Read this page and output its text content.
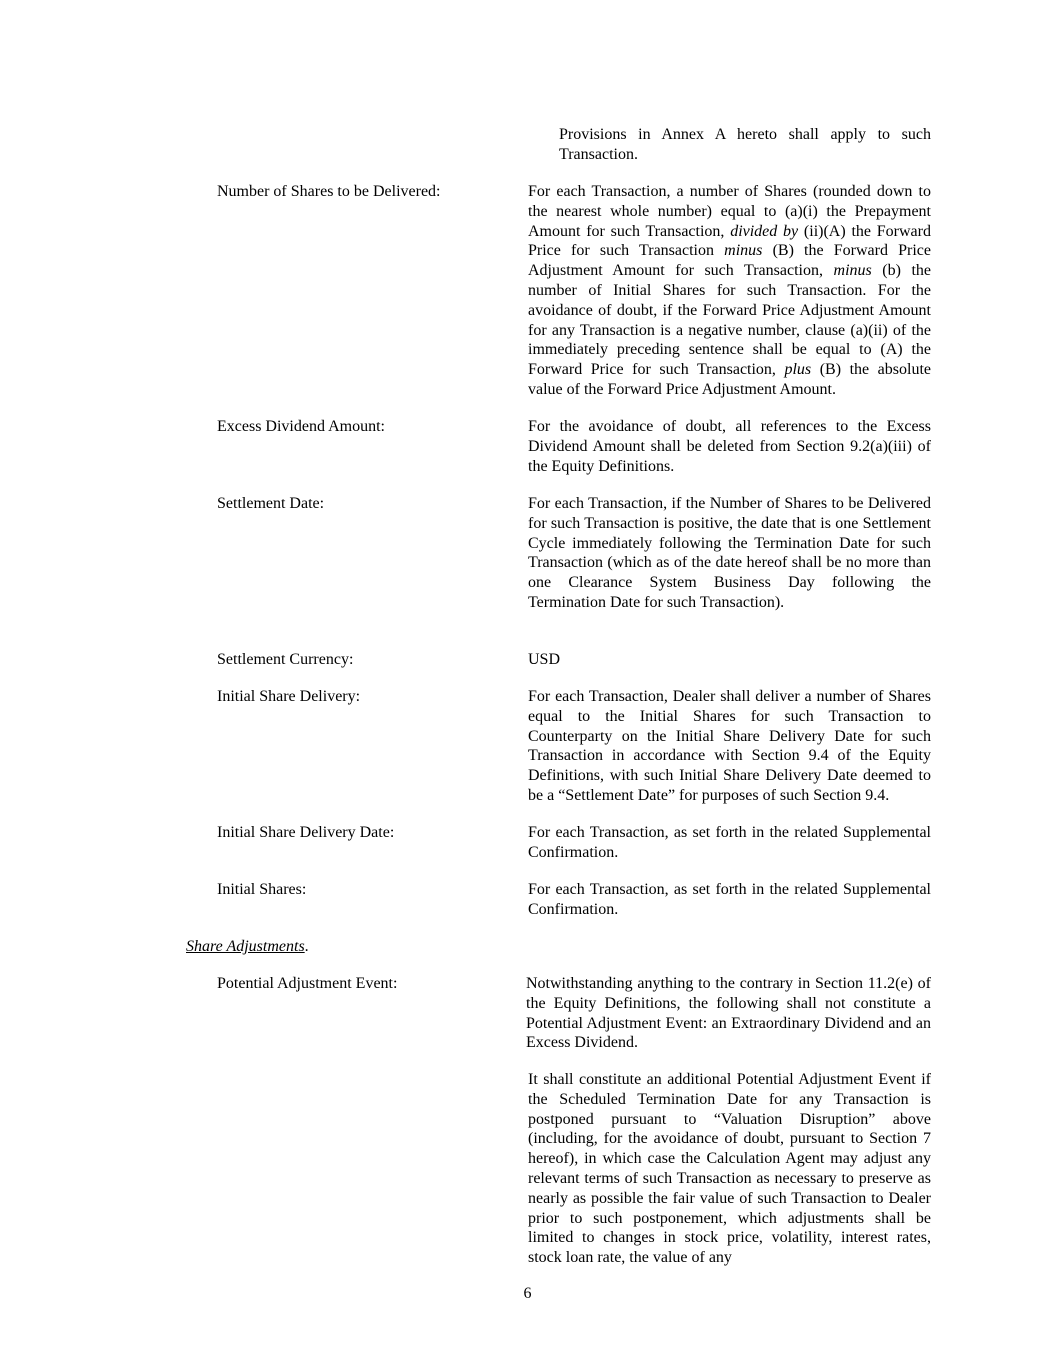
Provisions in Annex A hereto shall apply to such Transaction.
Number of Shares to be Delivered:	For each Transaction, a number of Shares (rounded down to the nearest whole number) equal to (a)(i) the Prepayment Amount for such Transaction, divided by (ii)(A) the Forward Price for such Transaction minus (B) the Forward Price Adjustment Amount for such Transaction, minus (b) the number of Initial Shares for such Transaction. For the avoidance of doubt, if the Forward Price Adjustment Amount for any Transaction is a negative number, clause (a)(ii) of the immediately preceding sentence shall be equal to (A) the Forward Price for such Transaction, plus (B) the absolute value of the Forward Price Adjustment Amount.

Excess Dividend Amount:	For the avoidance of doubt, all references to the Excess Dividend Amount shall be deleted from Section 9.2(a)(iii) of the Equity Definitions.

Settlement Date:	For each Transaction, if the Number of Shares to be Delivered for such Transaction is positive, the date that is one Settlement Cycle immediately following the Termination Date for such Transaction (which as of the date hereof shall be no more than one Clearance System Business Day following the Termination Date for such Transaction).

Settlement Currency:	USD

Initial Share Delivery:	For each Transaction, Dealer shall deliver a number of Shares equal to the Initial Shares for such Transaction to Counterparty on the Initial Share Delivery Date for such Transaction in accordance with Section 9.4 of the Equity Definitions, with such Initial Share Delivery Date deemed to be a “Settlement Date” for purposes of such Section 9.4.

Initial Share Delivery Date:	For each Transaction, as set forth in the related Supplemental Confirmation.

Initial Shares:	For each Transaction, as set forth in the related Supplemental Confirmation.

Share Adjustments.
Potential Adjustment Event:	Notwithstanding anything to the contrary in Section 11.2(e) of the Equity Definitions, the following shall not constitute a Potential Adjustment Event: an Extraordinary Dividend and an Excess Dividend.

It shall constitute an additional Potential Adjustment Event if the Scheduled Termination Date for any Transaction is postponed pursuant to “Valuation Disruption” above (including, for the avoidance of doubt, pursuant to Section 7 hereof), in which case the Calculation Agent may adjust any relevant terms of such Transaction as necessary to preserve as nearly as possible the fair value of such Transaction to Dealer prior to such postponement, which adjustments shall be limited to changes in stock price, volatility, interest rates, stock loan rate, the value of any

6
